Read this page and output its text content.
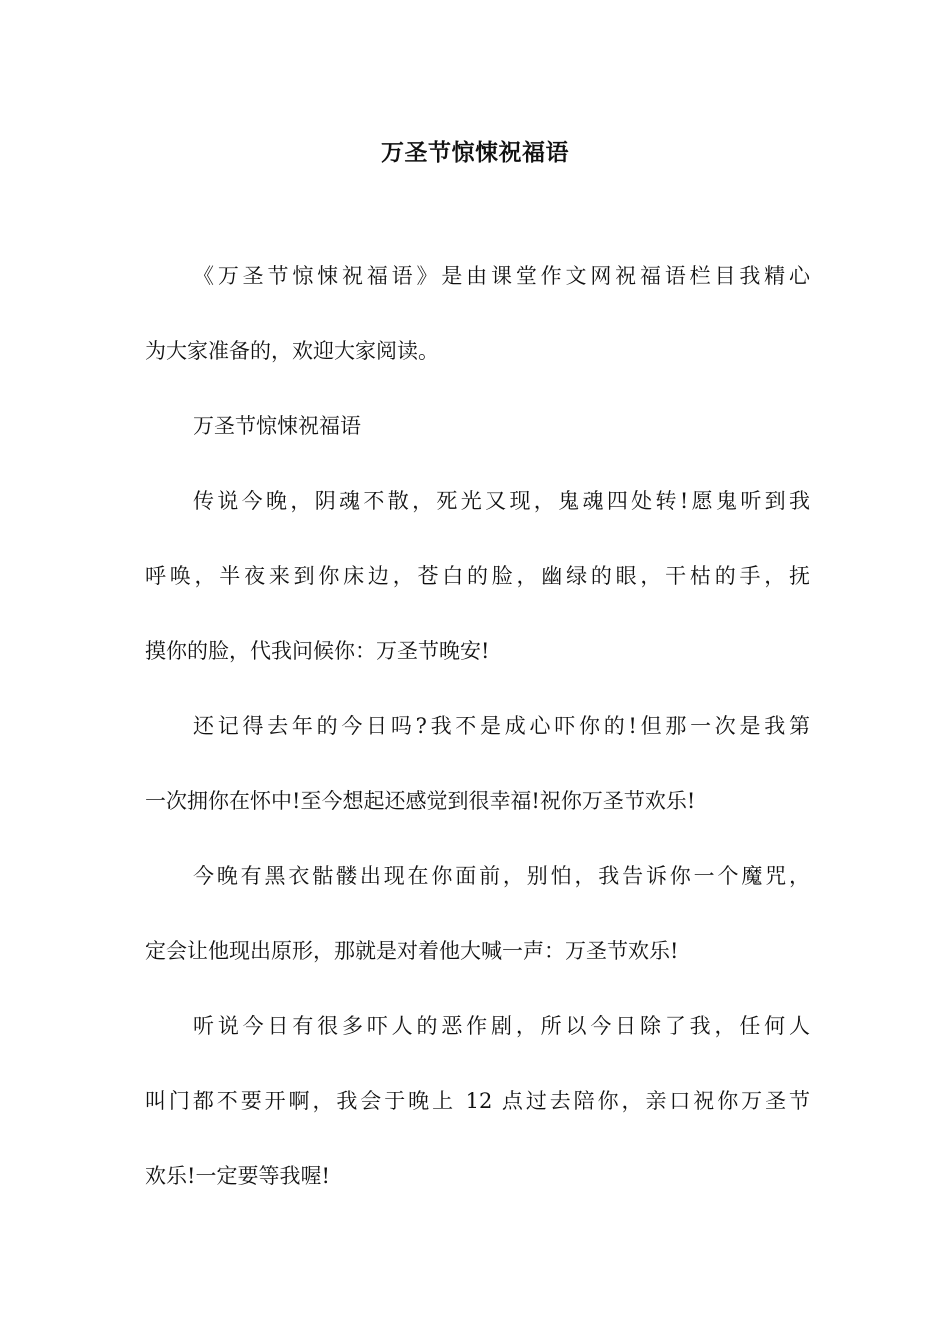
万圣节惊悚祝福语
《万圣节惊悚祝福语》是由课堂作文网祝福语栏目我精心
为大家准备的，欢迎大家阅读。
万圣节惊悚祝福语
传说今晚，阴魂不散，死光又现，鬼魂四处转!愿鬼听到我
呼唤，半夜来到你床边，苍白的脸，幽绿的眼，干枯的手，抚
摸你的脸，代我问候你：万圣节晚安!
还记得去年的今日吗?我不是成心吓你的!但那一次是我第
一次拥你在怀中!至今想起还感觉到很幸福!祝你万圣节欢乐!
今晚有黑衣骷髅出现在你面前，别怕，我告诉你一个魔咒，
定会让他现出原形，那就是对着他大喊一声：万圣节欢乐!
听说今日有很多吓人的恶作剧，所以今日除了我，任何人
叫门都不要开啊，我会于晚上 12 点过去陪你，亲口祝你万圣节
欢乐!一定要等我喔!
